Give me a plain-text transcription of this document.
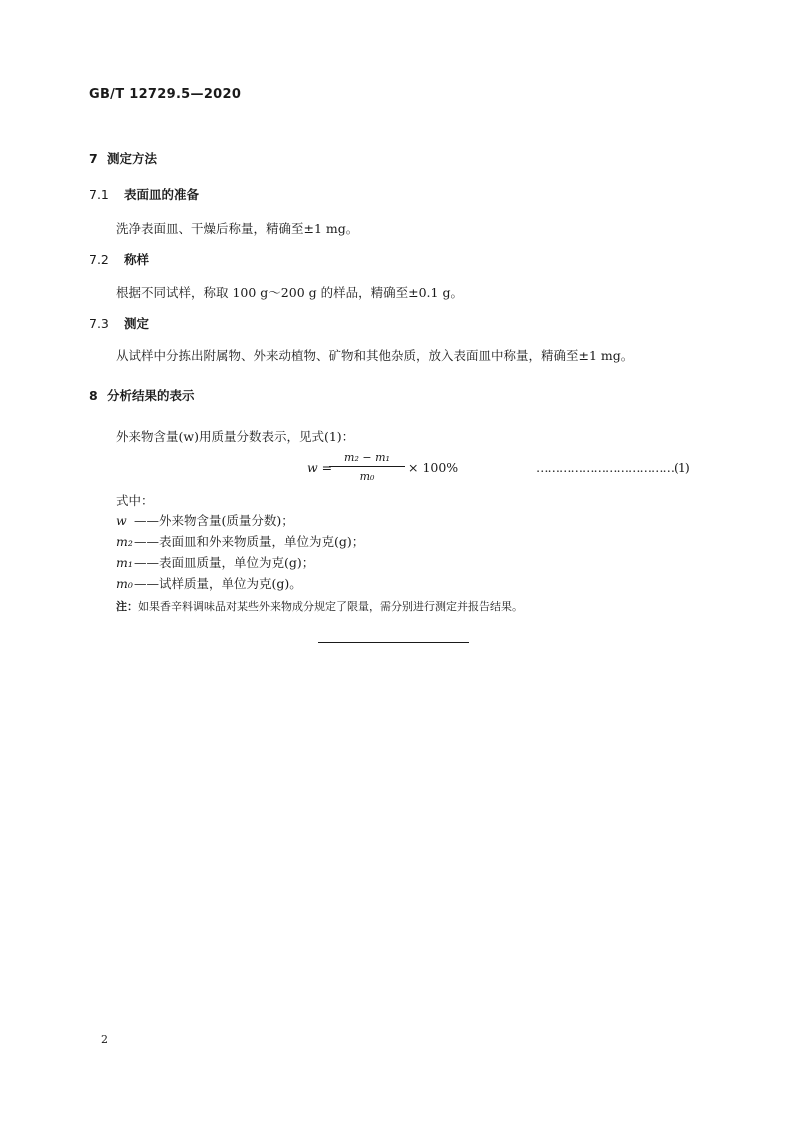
GB/T 12729.5—2020
7 测定方法
7.1 表面皿的准备
洗净表面皿、干燥后称量，精确至±1 mg。
7.2 称样
根据不同试样，称取 100 g～200 g 的样品，精确至±0.1 g。
7.3 测定
从试样中分拣出附属物、外来动植物、矿物和其他杂质，放入表面皿中称量，精确至±1 mg。
8 分析结果的表示
外来物含量(w)用质量分数表示，见式(1)：
w =
$\frac{\text{m₂ − m₁}}{\text{m₀}} \times 100\%$	………………………………(1)
式中：
w ——外来物含量(质量分数)；
m₂ ——表面皿和外来物质量，单位为克(g)；
m₁ ——表面皿质量，单位为克(g)；
m₀ ——试样质量，单位为克(g)。
注：如果香辛料调味品对某些外来物成分规定了限量，需分别进行测定并报告结果。
2
